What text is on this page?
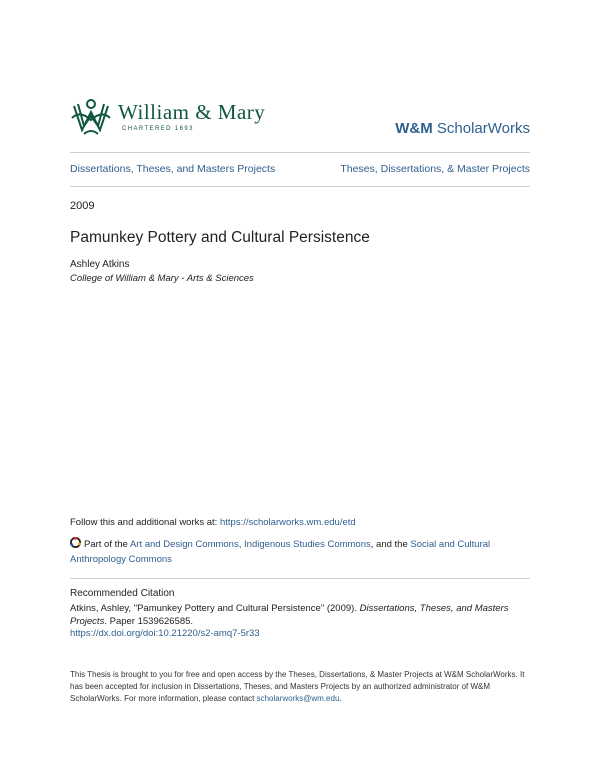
William & Mary
CHARTERED 1693	W&M ScholarWorks
Dissertations, Theses, and Masters Projects	Theses, Dissertations, & Master Projects
2009
Pamunkey Pottery and Cultural Persistence
Ashley Atkins
College of William & Mary - Arts & Sciences
Follow this and additional works at: https://scholarworks.wm.edu/etd
Part of the Art and Design Commons, Indigenous Studies Commons, and the Social and Cultural Anthropology Commons
Recommended Citation
Atkins, Ashley, "Pamunkey Pottery and Cultural Persistence" (2009). Dissertations, Theses, and Masters Projects. Paper 1539626585.
https://dx.doi.org/doi:10.21220/s2-amq7-5r33
This Thesis is brought to you for free and open access by the Theses, Dissertations, & Master Projects at W&M ScholarWorks. It has been accepted for inclusion in Dissertations, Theses, and Masters Projects by an authorized administrator of W&M ScholarWorks. For more information, please contact scholarworks@wm.edu.
